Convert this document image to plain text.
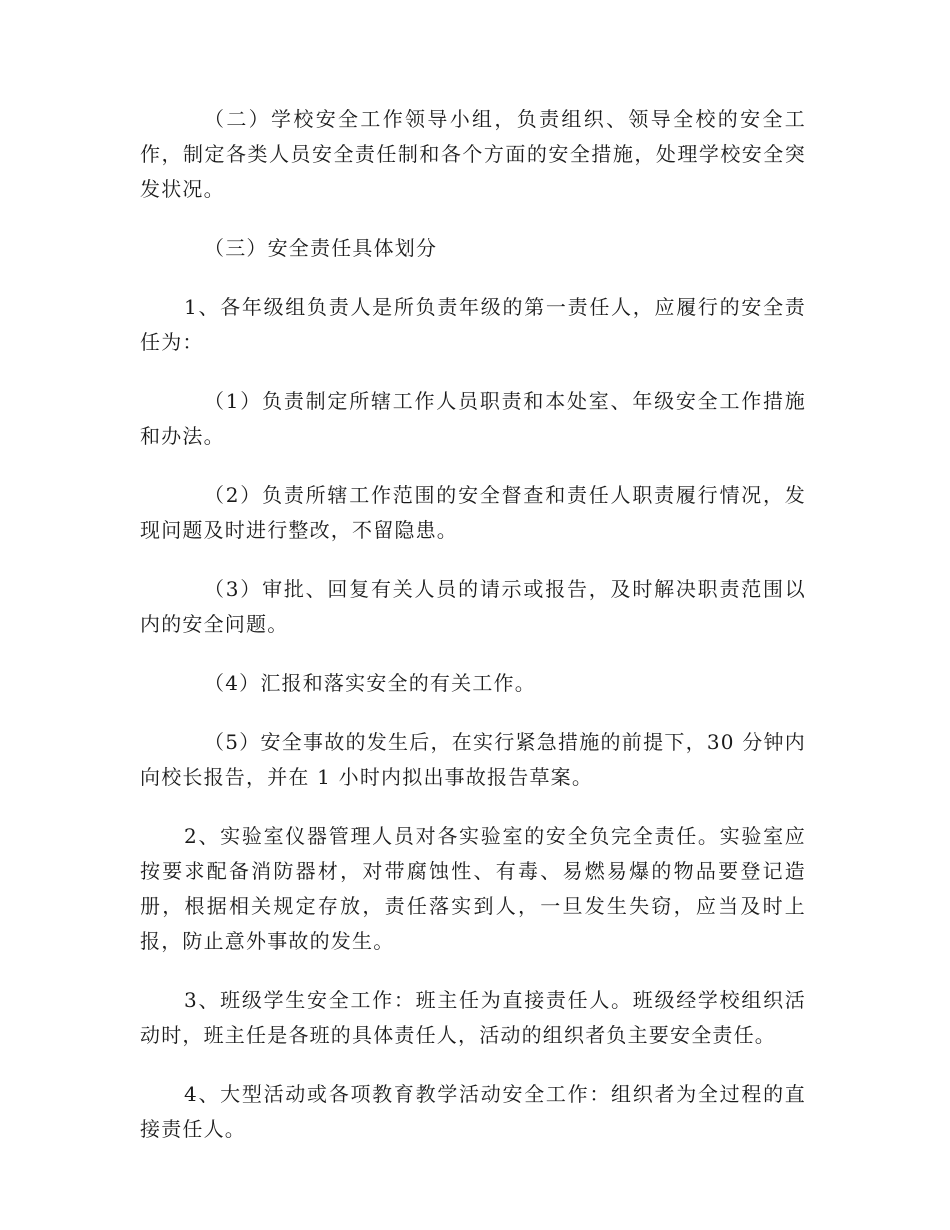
（二）学校安全工作领导小组，负责组织、领导全校的安全工作，制定各类人员安全责任制和各个方面的安全措施，处理学校安全突发状况。

（三）安全责任具体划分

1、各年级组负责人是所负责年级的第一责任人，应履行的安全责任为：

（1）负责制定所辖工作人员职责和本处室、年级安全工作措施和办法。

（2）负责所辖工作范围的安全督查和责任人职责履行情况，发现问题及时进行整改，不留隐患。

（3）审批、回复有关人员的请示或报告，及时解决职责范围以内的安全问题。

（4）汇报和落实安全的有关工作。

（5）安全事故的发生后，在实行紧急措施的前提下，30 分钟内向校长报告，并在 1 小时内拟出事故报告草案。

2、实验室仪器管理人员对各实验室的安全负完全责任。实验室应按要求配备消防器材，对带腐蚀性、有毒、易燃易爆的物品要登记造册，根据相关规定存放，责任落实到人，一旦发生失窃，应当及时上报，防止意外事故的发生。

3、班级学生安全工作：班主任为直接责任人。班级经学校组织活动时，班主任是各班的具体责任人，活动的组织者负主要安全责任。

4、大型活动或各项教育教学活动安全工作：组织者为全过程的直接责任人。
